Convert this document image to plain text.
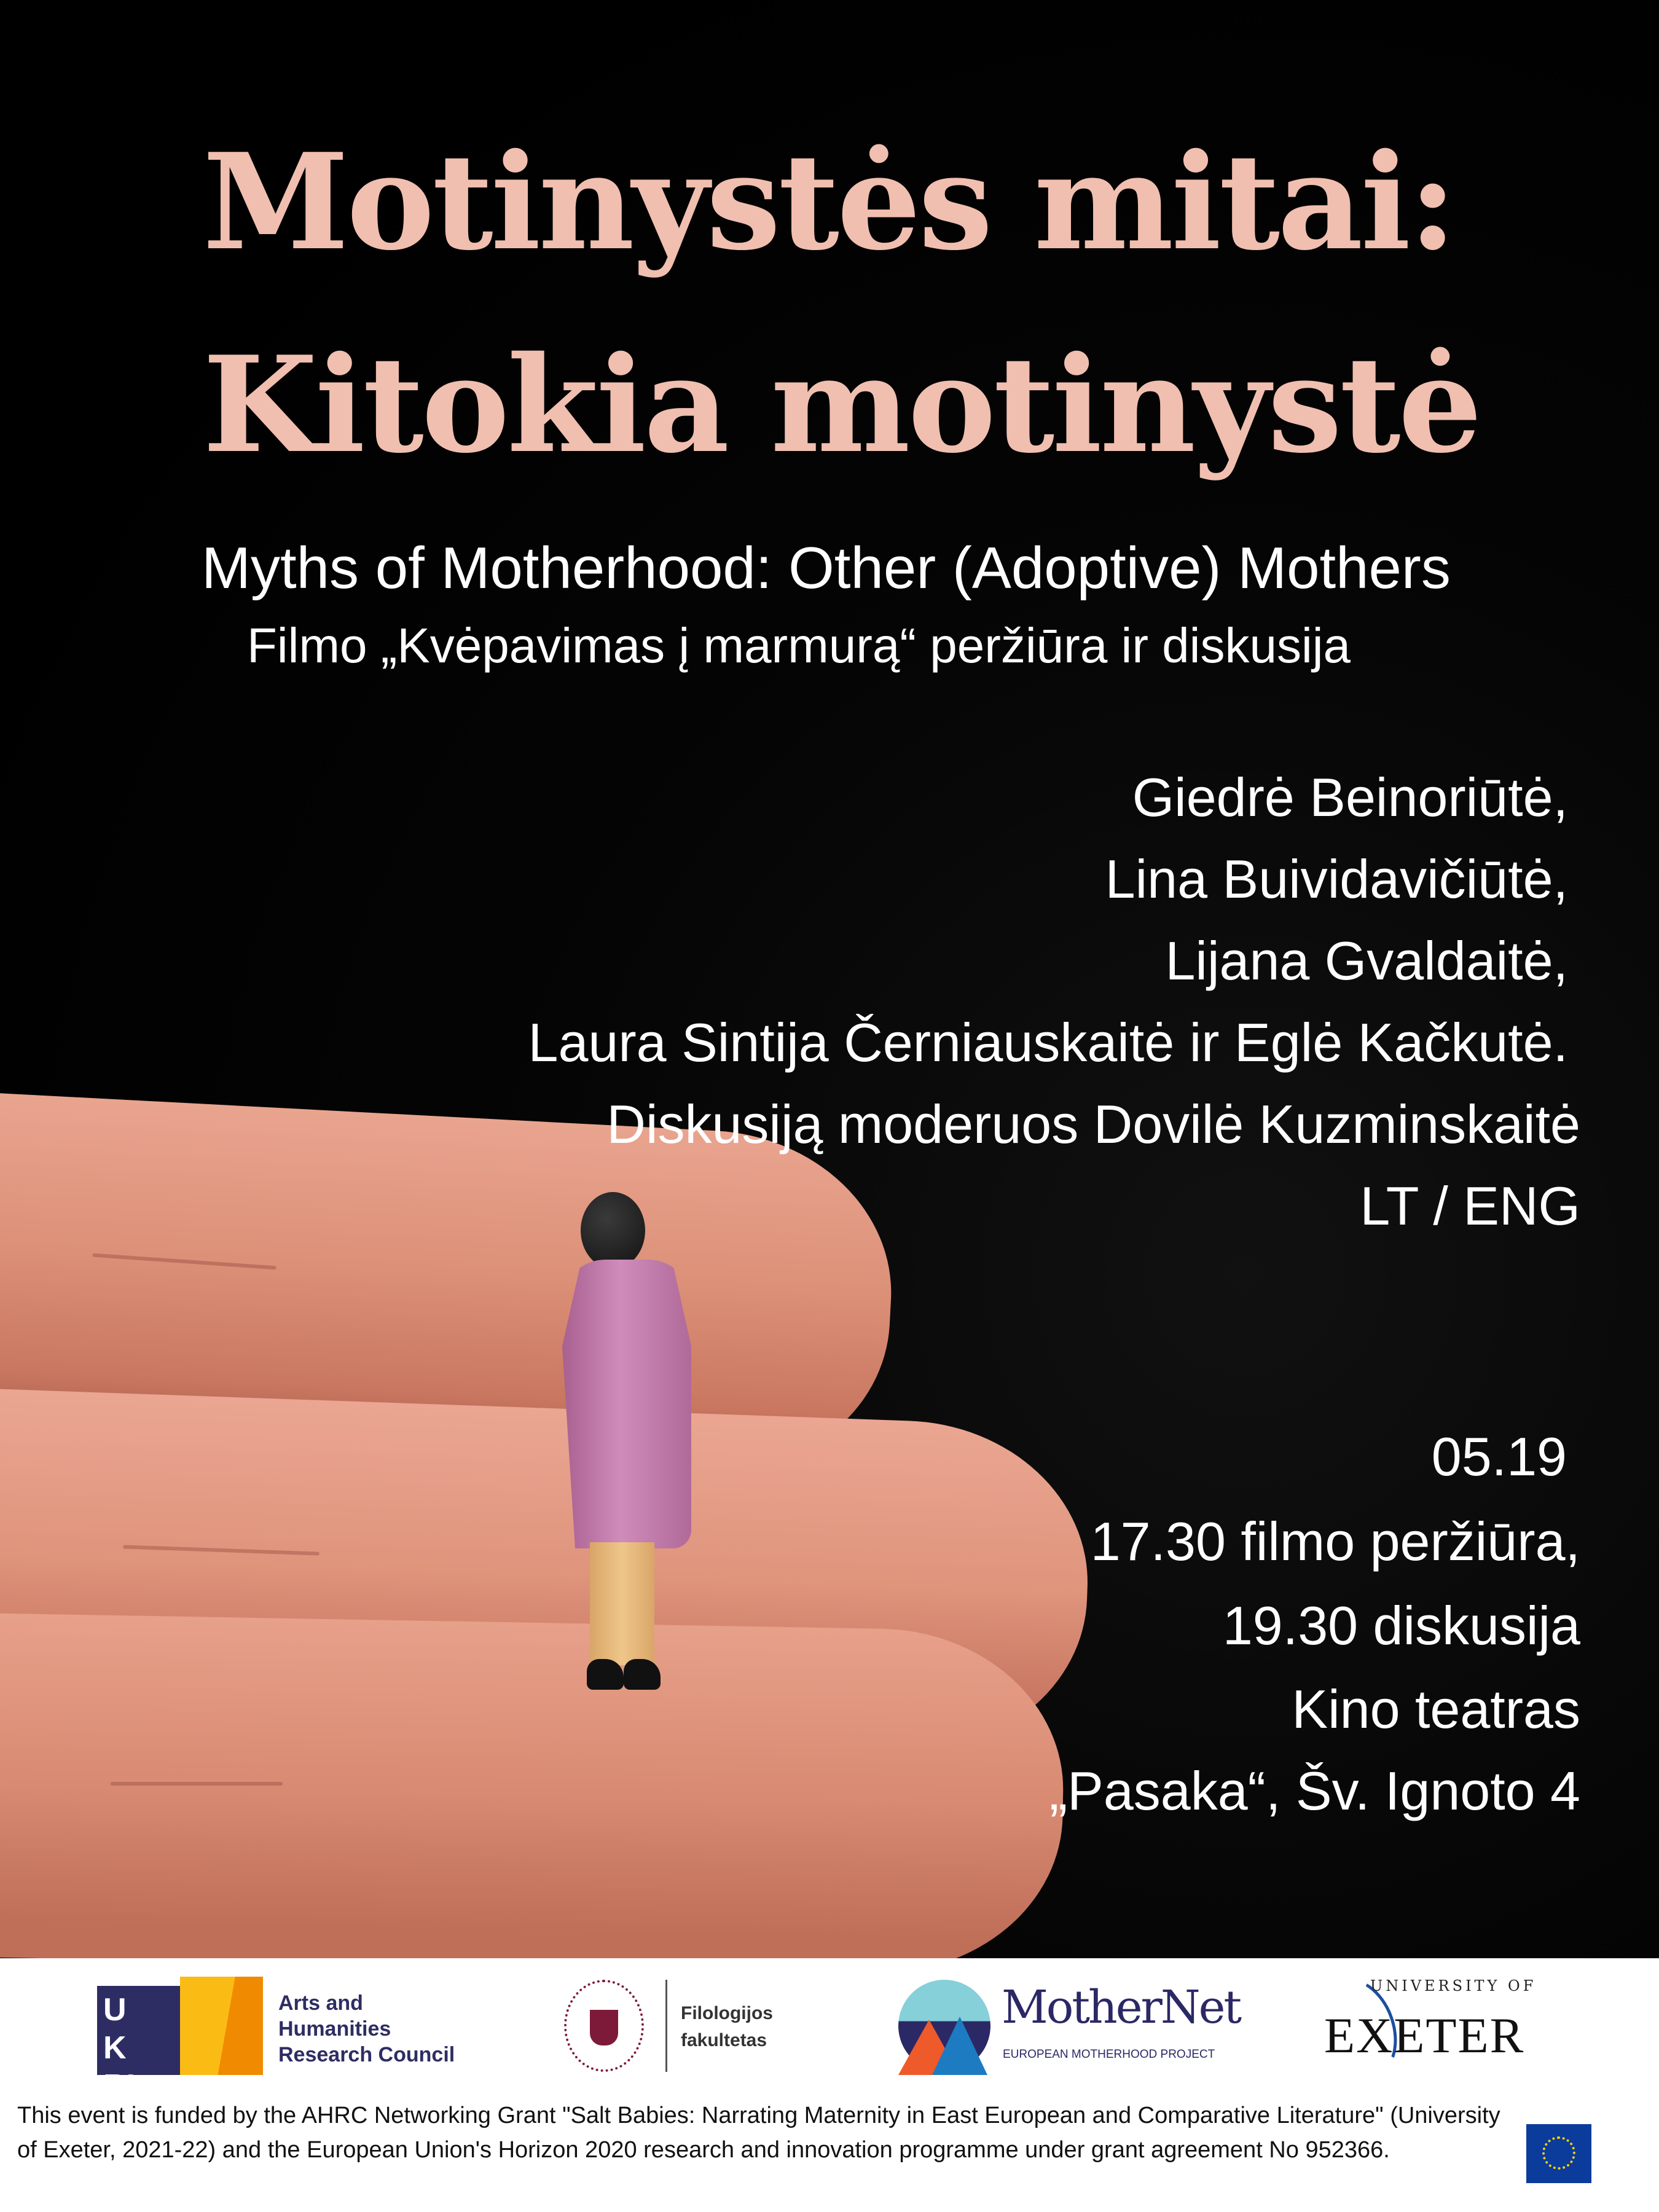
Motinystės mitai:
Kitokia motinystė
Myths of Motherhood: Other (Adoptive) Mothers
Filmo „Kvėpavimas į marmurą“ peržiūra ir diskusija
Giedrė Beinoriūtė,
Lina Buividavičiūtė,
Lijana Gvaldaitė,
Laura Sintija Černiauskaitė ir Eglė Kačkutė.
Diskusiją moderuos Dovilė Kuzminskaitė
LT / ENG
05.19
17.30 filmo peržiūra,
19.30 diskusija
Kino teatras
„Pasaka“, Šv. Ignoto 4
UKRI
Arts and
Humanities
Research Council
Filologijos
fakultetas
MotherNet
EUROPEAN MOTHERHOOD PROJECT
UNIVERSITY OF
EXETER
This event is funded by the AHRC Networking Grant "Salt Babies: Narrating Maternity in East European and Comparative Literature" (University of Exeter, 2021-22) and the European Union's Horizon 2020 research and innovation programme under grant agreement No 952366.
